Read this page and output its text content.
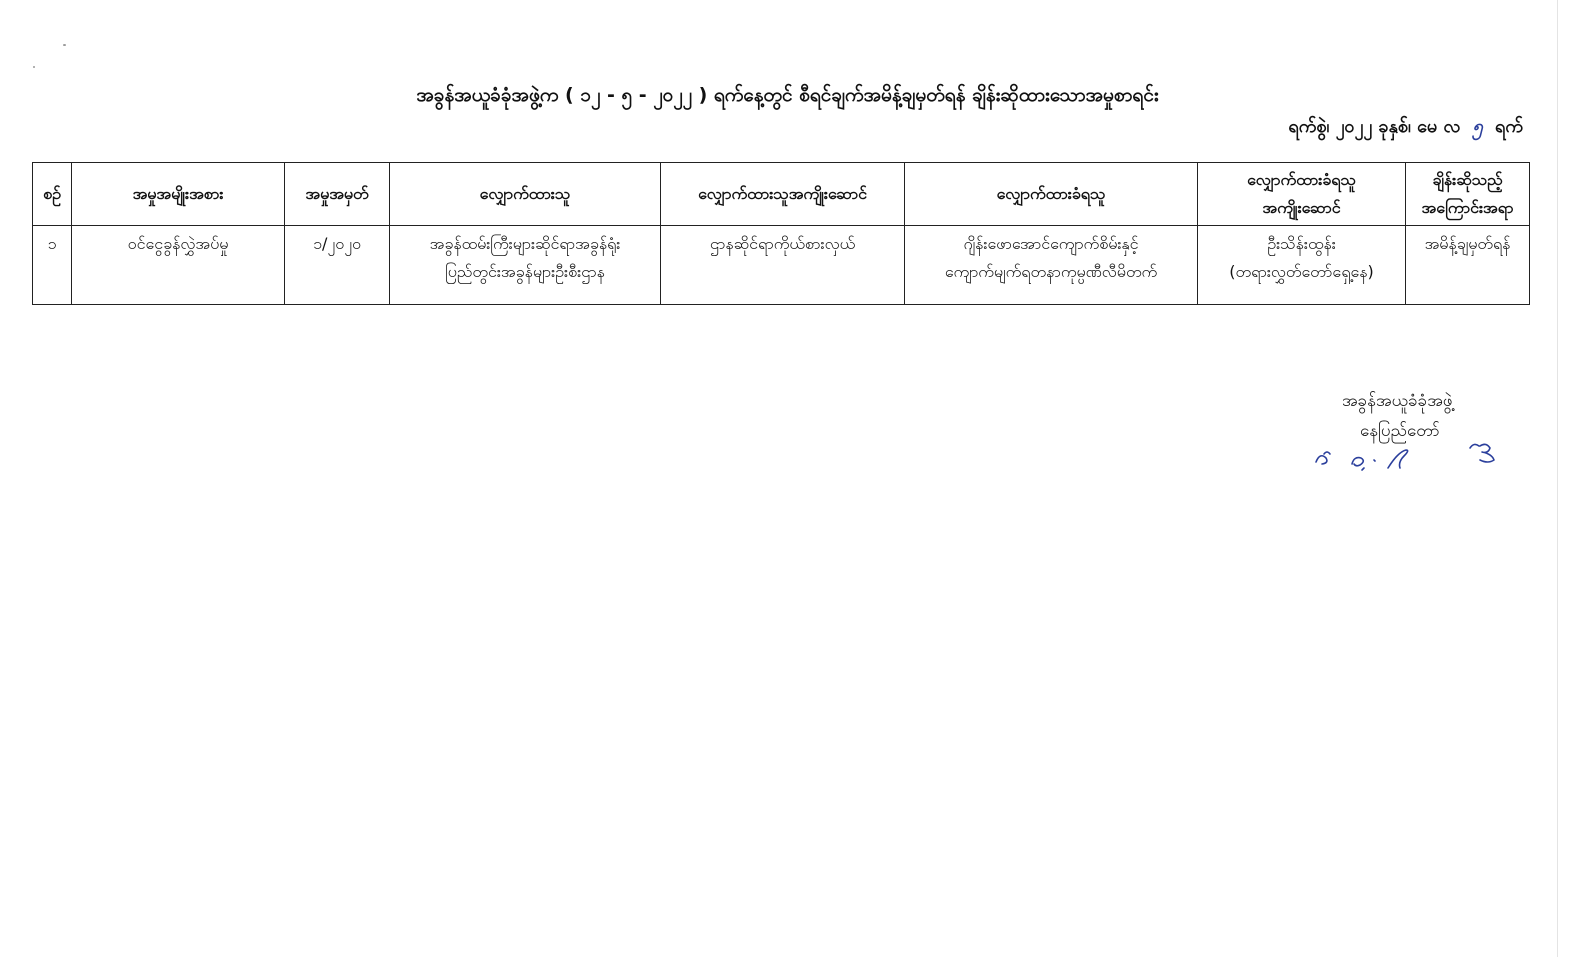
အခွန်အယူခံခုံအဖွဲ့က ( ၁၂ - ၅ - ၂၀၂၂ ) ရက်နေ့တွင် စီရင်ချက်အမိန့်ချမှတ်ရန် ချိန်းဆိုထားသောအမှုစာရင်း
ရက်စွဲ၊ ၂၀၂၂ ခုနှစ်၊ မေ လ ၅ ရက်
စဉ်	အမှုအမျိုးအစား	အမှုအမှတ်	လျှောက်ထားသူ	လျှောက်ထားသူအကျိုးဆောင်	လျှောက်ထားခံရသူ	လျှောက်ထားခံရသူ
အကျိုးဆောင်	ချိန်းဆိုသည့်
အကြောင်းအရာ

၁	ဝင်ငွေခွန်လွှဲအပ်မှု	၁/၂၀၂၀	အခွန်ထမ်းကြီးများဆိုင်ရာအခွန်ရုံး
ပြည်တွင်းအခွန်များဦးစီးဌာန	ဌာနဆိုင်ရာကိုယ်စားလှယ်	ဂျိန်းဖောအောင်ကျောက်စိမ်းနှင့်
ကျောက်မျက်ရတနာကုမ္ပဏီလီမိတက်	ဦးသိန်းထွန်း
(တရားလွှတ်တော်ရှေ့နေ)	အမိန့်ချမှတ်ရန်
အခွန်အယူခံခုံအဖွဲ့
နေပြည်တော်
